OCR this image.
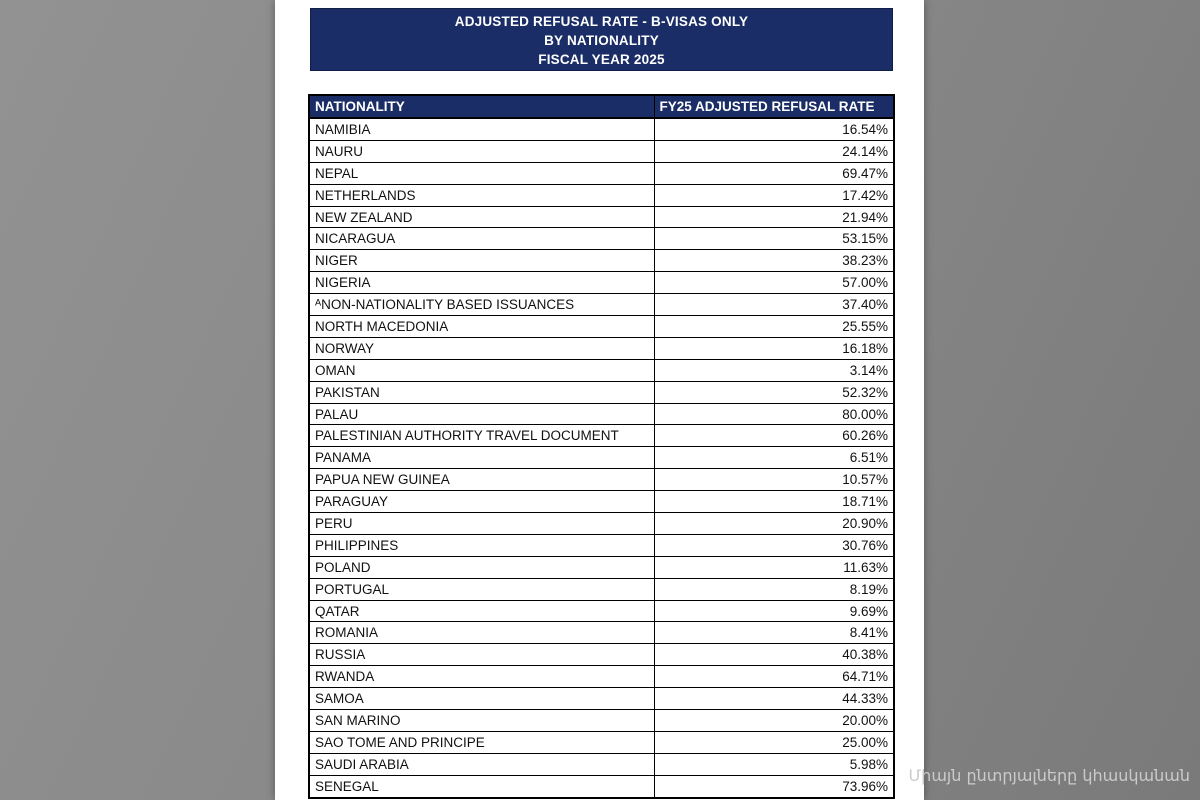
ADJUSTED REFUSAL RATE - B-VISAS ONLY
BY NATIONALITY
FISCAL YEAR 2025
NATIONALITY	FY25 ADJUSTED REFUSAL RATE
NAMIBIA	16.54%
NAURU	24.14%
NEPAL	69.47%
NETHERLANDS	17.42%
NEW ZEALAND	21.94%
NICARAGUA	53.15%
NIGER	38.23%
NIGERIA	57.00%
ᴬNON-NATIONALITY BASED ISSUANCES	37.40%
NORTH MACEDONIA	25.55%
NORWAY	16.18%
OMAN	3.14%
PAKISTAN	52.32%
PALAU	80.00%
PALESTINIAN AUTHORITY TRAVEL DOCUMENT	60.26%
PANAMA	6.51%
PAPUA NEW GUINEA	10.57%
PARAGUAY	18.71%
PERU	20.90%
PHILIPPINES	30.76%
POLAND	11.63%
PORTUGAL	8.19%
QATAR	9.69%
ROMANIA	8.41%
RUSSIA	40.38%
RWANDA	64.71%
SAMOA	44.33%
SAN MARINO	20.00%
SAO TOME AND PRINCIPE	25.00%
SAUDI ARABIA	5.98%
SENEGAL	73.96%
Միայն ընտրյալները կհասկանան
